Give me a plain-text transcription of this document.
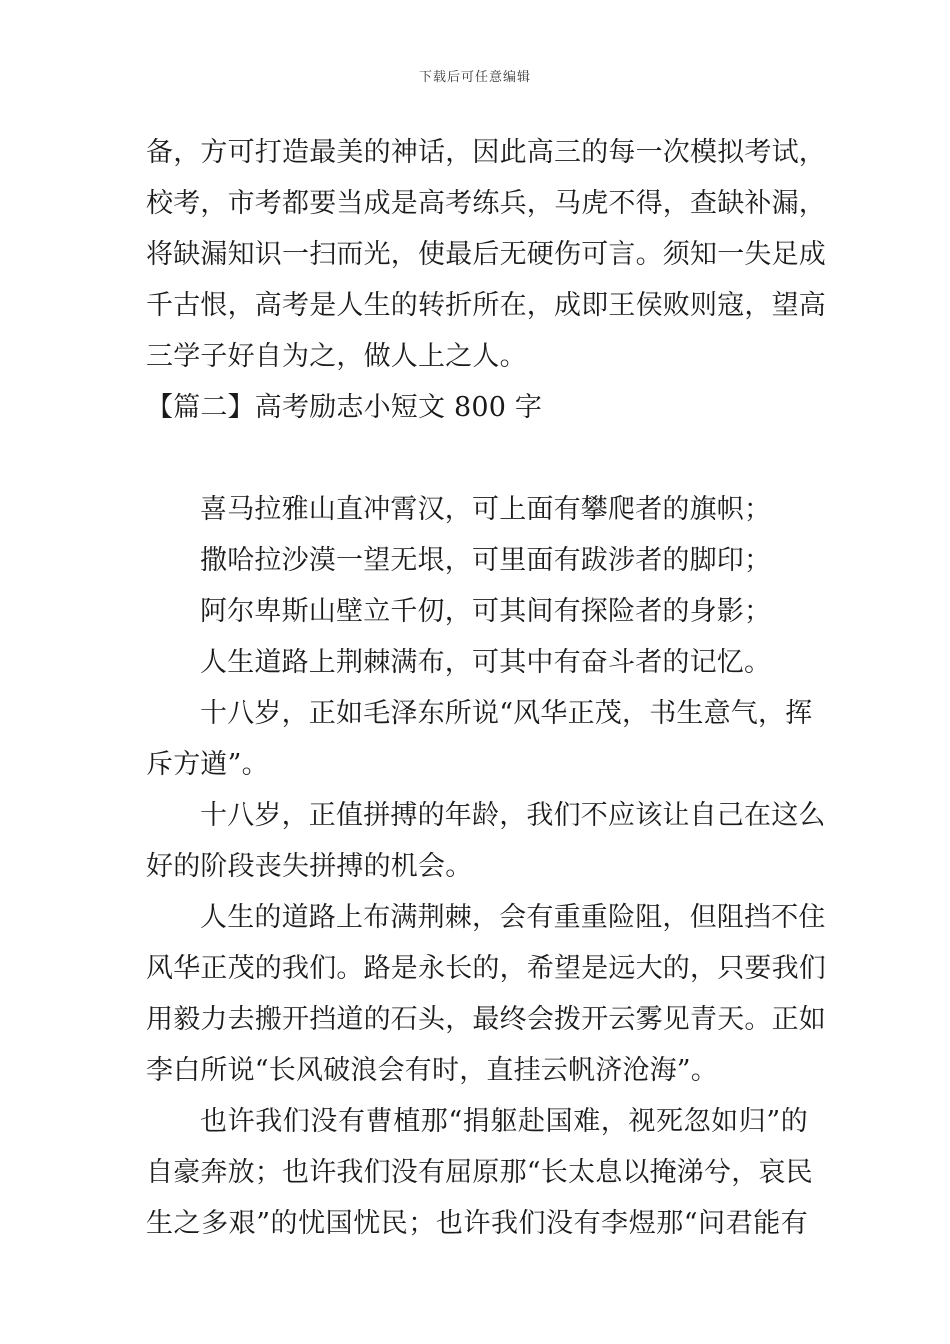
下载后可任意编辑
备，方可打造最美的神话，因此高三的每一次模拟考试，
校考，市考都要当成是高考练兵，马虎不得，查缺补漏，
将缺漏知识一扫而光，使最后无硬伤可言。须知一失足成
千古恨，高考是人生的转折所在，成即王侯败则寇，望高
三学子好自为之，做人上之人。
【篇二】高考励志小短文 800 字
喜马拉雅山直冲霄汉，可上面有攀爬者的旗帜；
撒哈拉沙漠一望无垠，可里面有跋涉者的脚印；
阿尔卑斯山壁立千仞，可其间有探险者的身影；
人生道路上荆棘满布，可其中有奋斗者的记忆。
十八岁，正如毛泽东所说“风华正茂，书生意气，挥
斥方遒”。
十八岁，正值拼搏的年龄，我们不应该让自己在这么
好的阶段丧失拼搏的机会。
人生的道路上布满荆棘，会有重重险阻，但阻挡不住
风华正茂的我们。路是永长的，希望是远大的，只要我们
用毅力去搬开挡道的石头，最终会拨开云雾见青天。正如
李白所说“长风破浪会有时，直挂云帆济沧海”。
也许我们没有曹植那“捐躯赴国难，视死忽如归”的
自豪奔放；也许我们没有屈原那“长太息以掩涕兮，哀民
生之多艰”的忧国忧民；也许我们没有李煜那“问君能有
